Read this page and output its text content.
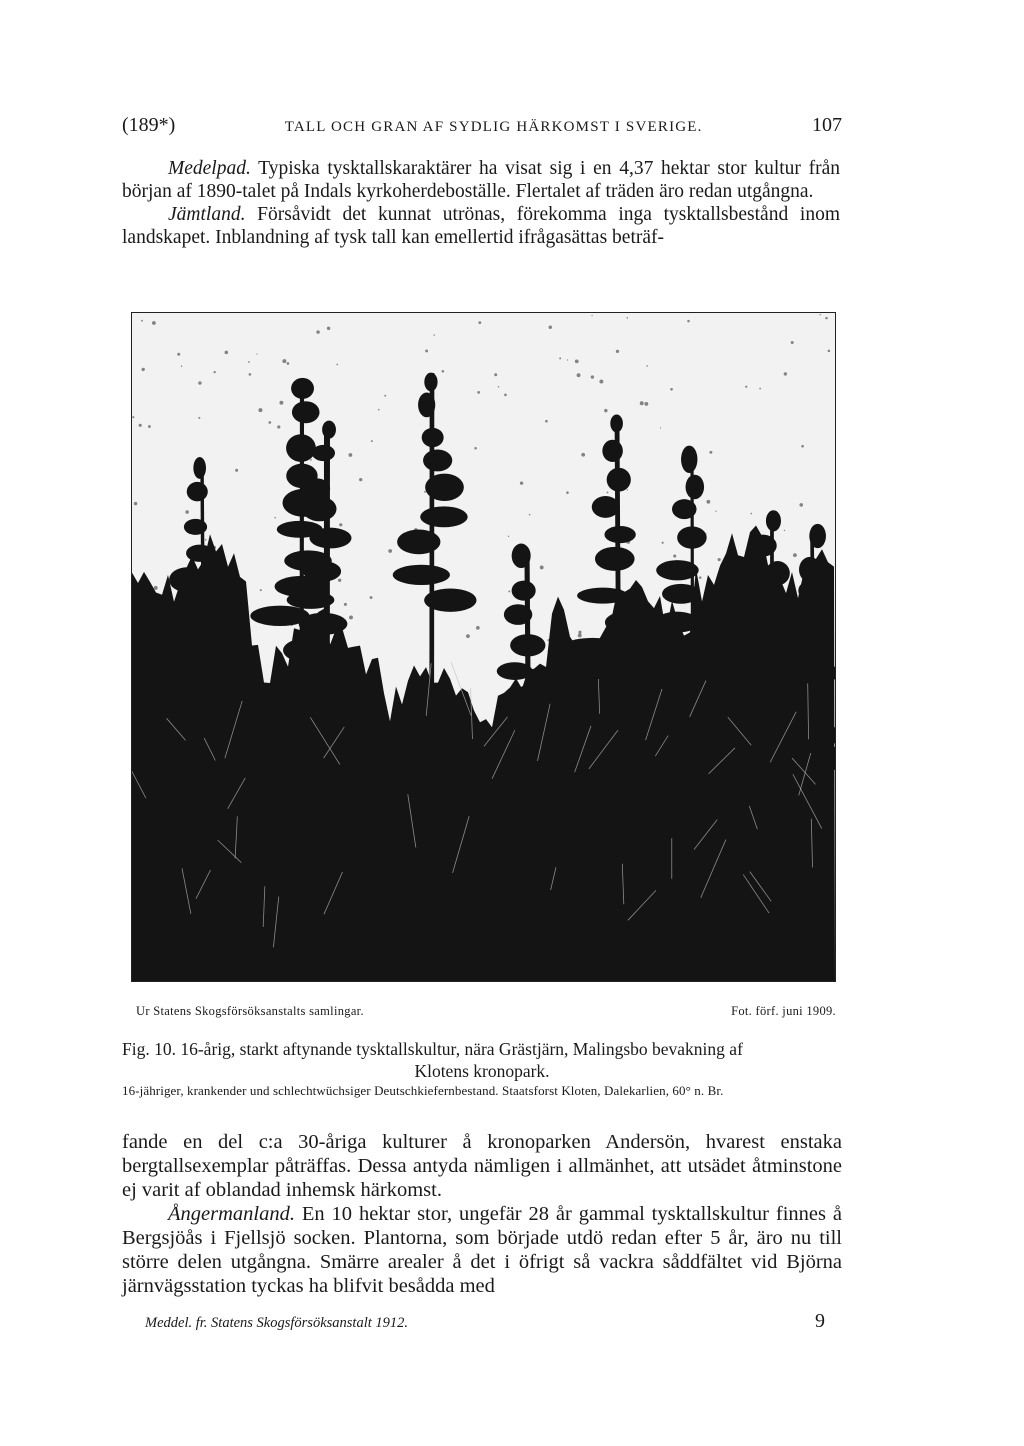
(189*)	TALL OCH GRAN AF SYDLIG HÄRKOMST I SVERIGE.	107

Medelpad. Typiska tysktallskaraktärer ha visat sig i en 4,37 hektar stor kultur från början af 1890-talet på Indals kyrkoherdeboställe. Flertalet af träden äro redan utgångna.

Jämtland. Försåvidt det kunnat utrönas, förekomma inga tysktallsbestånd inom landskapet. Inblandning af tysk tall kan emellertid ifrågasättas beträf-

Ur Statens Skogsförsöksanstalts samlingar.	Fot. förf. juni 1909.
Fig. 10. 16-årig, starkt aftynande tysktallskultur, nära Grästjärn, Malingsbo bevakning af
Klotens kronopark.
16-jähriger, krankender und schlechtwüchsiger Deutschkiefernbestand. Staatsforst Kloten, Dalekarlien, 60° n. Br.

fande en del c:a 30-åriga kulturer å kronoparken Andersön, hvarest enstaka bergtallsexemplar påträffas. Dessa antyda nämligen i allmänhet, att utsädet åtminstone ej varit af oblandad inhemsk härkomst.

Ångermanland. En 10 hektar stor, ungefär 28 år gammal tysktallskultur finnes å Bergsjöås i Fjellsjö socken. Plantorna, som började utdö redan efter 5 år, äro nu till större delen utgångna. Smärre arealer å det i öfrigt så vackra såddfältet vid Björna järnvägsstation tyckas ha blifvit besådda med

Meddel. fr. Statens Skogsförsöksanstalt 1912.	9
